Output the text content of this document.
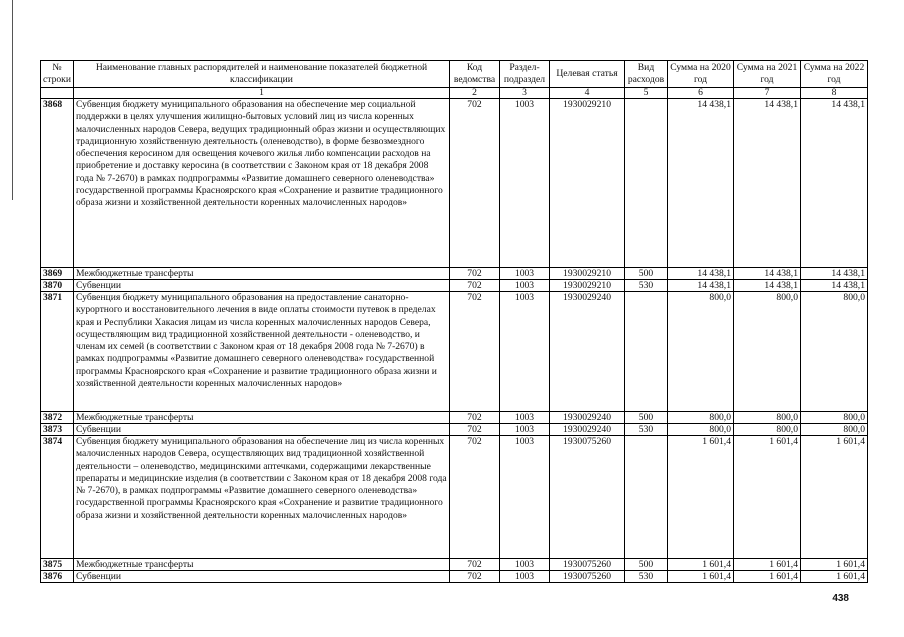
№ строки	Наименование главных распорядителей и наименование показателей бюджетной классификации	Код ведомства	Раздел-подраздел	Целевая статья	Вид расходов	Сумма на 2020 год	Сумма на 2021 год	Сумма на 2022 год
	1	2	3	4	5	6	7	8
3868	Субвенция бюджету муниципального образования на обеспечение мер социальной поддержки в целях улучшения жилищно-бытовых условий лиц из числа коренных малочисленных народов Севера, ведущих традиционный образ жизни и осуществляющих традиционную хозяйственную деятельность (оленеводство), в форме безвозмездного обеспечения керосином для освещения кочевого жилья либо компенсации расходов на приобретение и доставку керосина (в соответствии с Законом края от 18 декабря 2008 года № 7-2670) в рамках подпрограммы «Развитие домашнего северного оленеводства» государственной программы Красноярского края «Сохранение и развитие традиционного образа жизни и хозяйственной деятельности коренных малочисленных народов»	702	1003	1930029210		14 438,1	14 438,1	14 438,1
3869	Межбюджетные трансферты	702	1003	1930029210	500	14 438,1	14 438,1	14 438,1
3870	Субвенции	702	1003	1930029210	530	14 438,1	14 438,1	14 438,1
3871	Субвенция бюджету муниципального образования на предоставление санаторно-курортного и восстановительного лечения в виде оплаты стоимости путевок в пределах края и Республики Хакасия лицам из числа коренных малочисленных народов Севера, осуществляющим вид традиционной хозяйственной деятельности - оленеводство, и членам их семей (в соответствии с Законом края от 18 декабря 2008 года № 7-2670) в рамках подпрограммы «Развитие домашнего северного оленеводства» государственной программы Красноярского края «Сохранение и развитие традиционного образа жизни и хозяйственной деятельности коренных малочисленных народов»	702	1003	1930029240		800,0	800,0	800,0
3872	Межбюджетные трансферты	702	1003	1930029240	500	800,0	800,0	800,0
3873	Субвенции	702	1003	1930029240	530	800,0	800,0	800,0
3874	Субвенция бюджету муниципального образования на обеспечение лиц из числа коренных малочисленных народов Севера, осуществляющих вид традиционной хозяйственной деятельности – оленеводство, медицинскими аптечками, содержащими лекарственные препараты и медицинские изделия (в соответствии с Законом края от 18 декабря 2008 года № 7-2670), в рамках подпрограммы «Развитие домашнего северного оленеводства» государственной программы Красноярского края «Сохранение и развитие традиционного образа жизни и хозяйственной деятельности коренных малочисленных народов»	702	1003	1930075260		1 601,4	1 601,4	1 601,4
3875	Межбюджетные трансферты	702	1003	1930075260	500	1 601,4	1 601,4	1 601,4
3876	Субвенции	702	1003	1930075260	530	1 601,4	1 601,4	1 601,4
438
